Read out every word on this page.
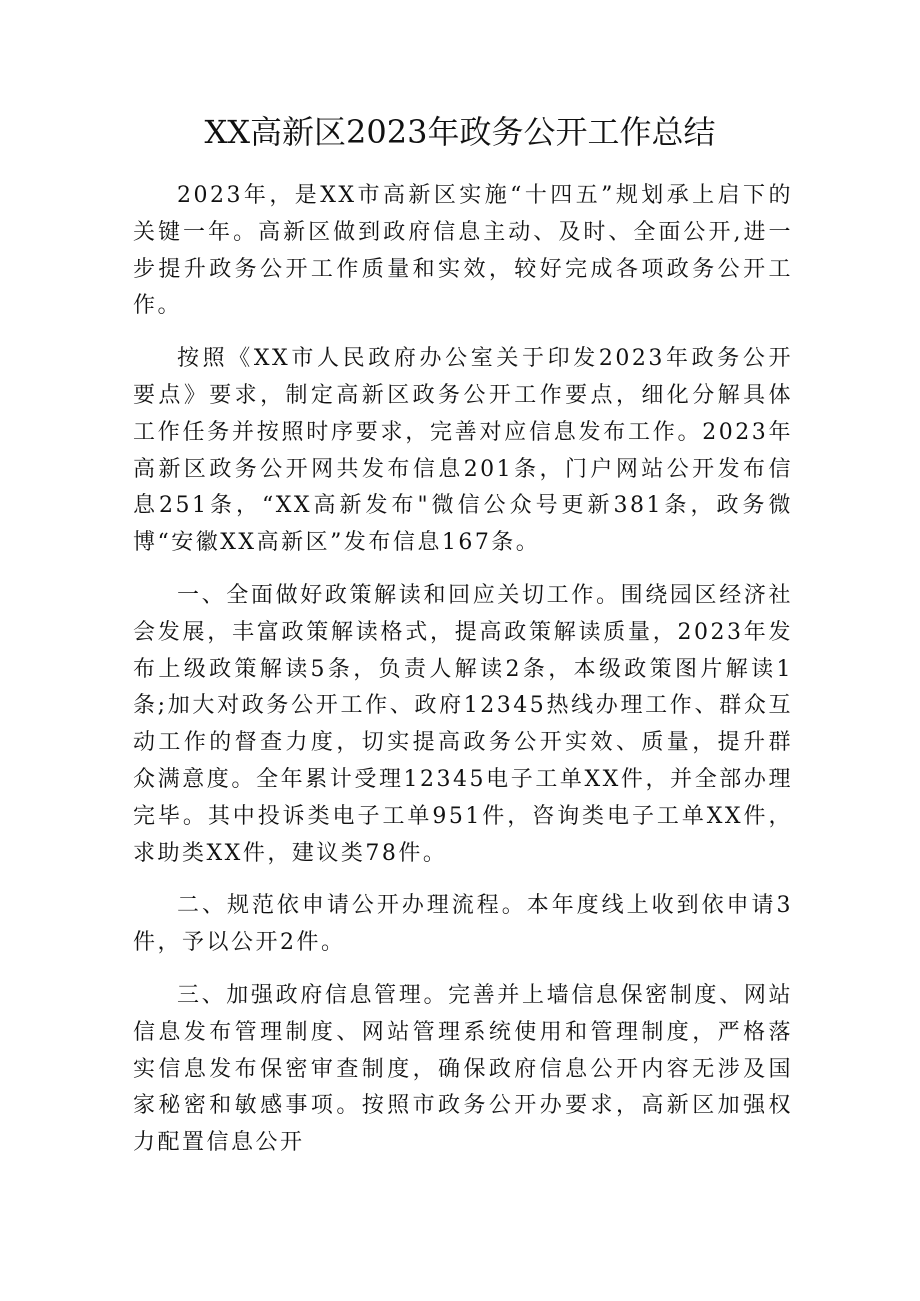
XX高新区2023年政务公开工作总结

2023年，是XX市高新区实施“十四五”规划承上启下的关键一年。高新区做到政府信息主动、及时、全面公开,进一步提升政务公开工作质量和实效，较好完成各项政务公开工作。

按照《XX市人民政府办公室关于印发2023年政务公开要点》要求，制定高新区政务公开工作要点，细化分解具体工作任务并按照时序要求，完善对应信息发布工作。2023年高新区政务公开网共发布信息201条，门户网站公开发布信息251条，“XX高新发布"微信公众号更新381条，政务微博“安徽XX高新区”发布信息167条。

一、全面做好政策解读和回应关切工作。围绕园区经济社会发展，丰富政策解读格式，提高政策解读质量，2023年发布上级政策解读5条，负责人解读2条，本级政策图片解读1条;加大对政务公开工作、政府12345热线办理工作、群众互动工作的督查力度，切实提高政务公开实效、质量，提升群众满意度。全年累计受理12345电子工单XX件，并全部办理完毕。其中投诉类电子工单951件，咨询类电子工单XX件，求助类XX件，建议类78件。

二、规范依申请公开办理流程。本年度线上收到依申请3件，予以公开2件。

三、加强政府信息管理。完善并上墙信息保密制度、网站信息发布管理制度、网站管理系统使用和管理制度，严格落实信息发布保密审查制度，确保政府信息公开内容无涉及国家秘密和敏感事项。按照市政务公开办要求，高新区加强权力配置信息公开
